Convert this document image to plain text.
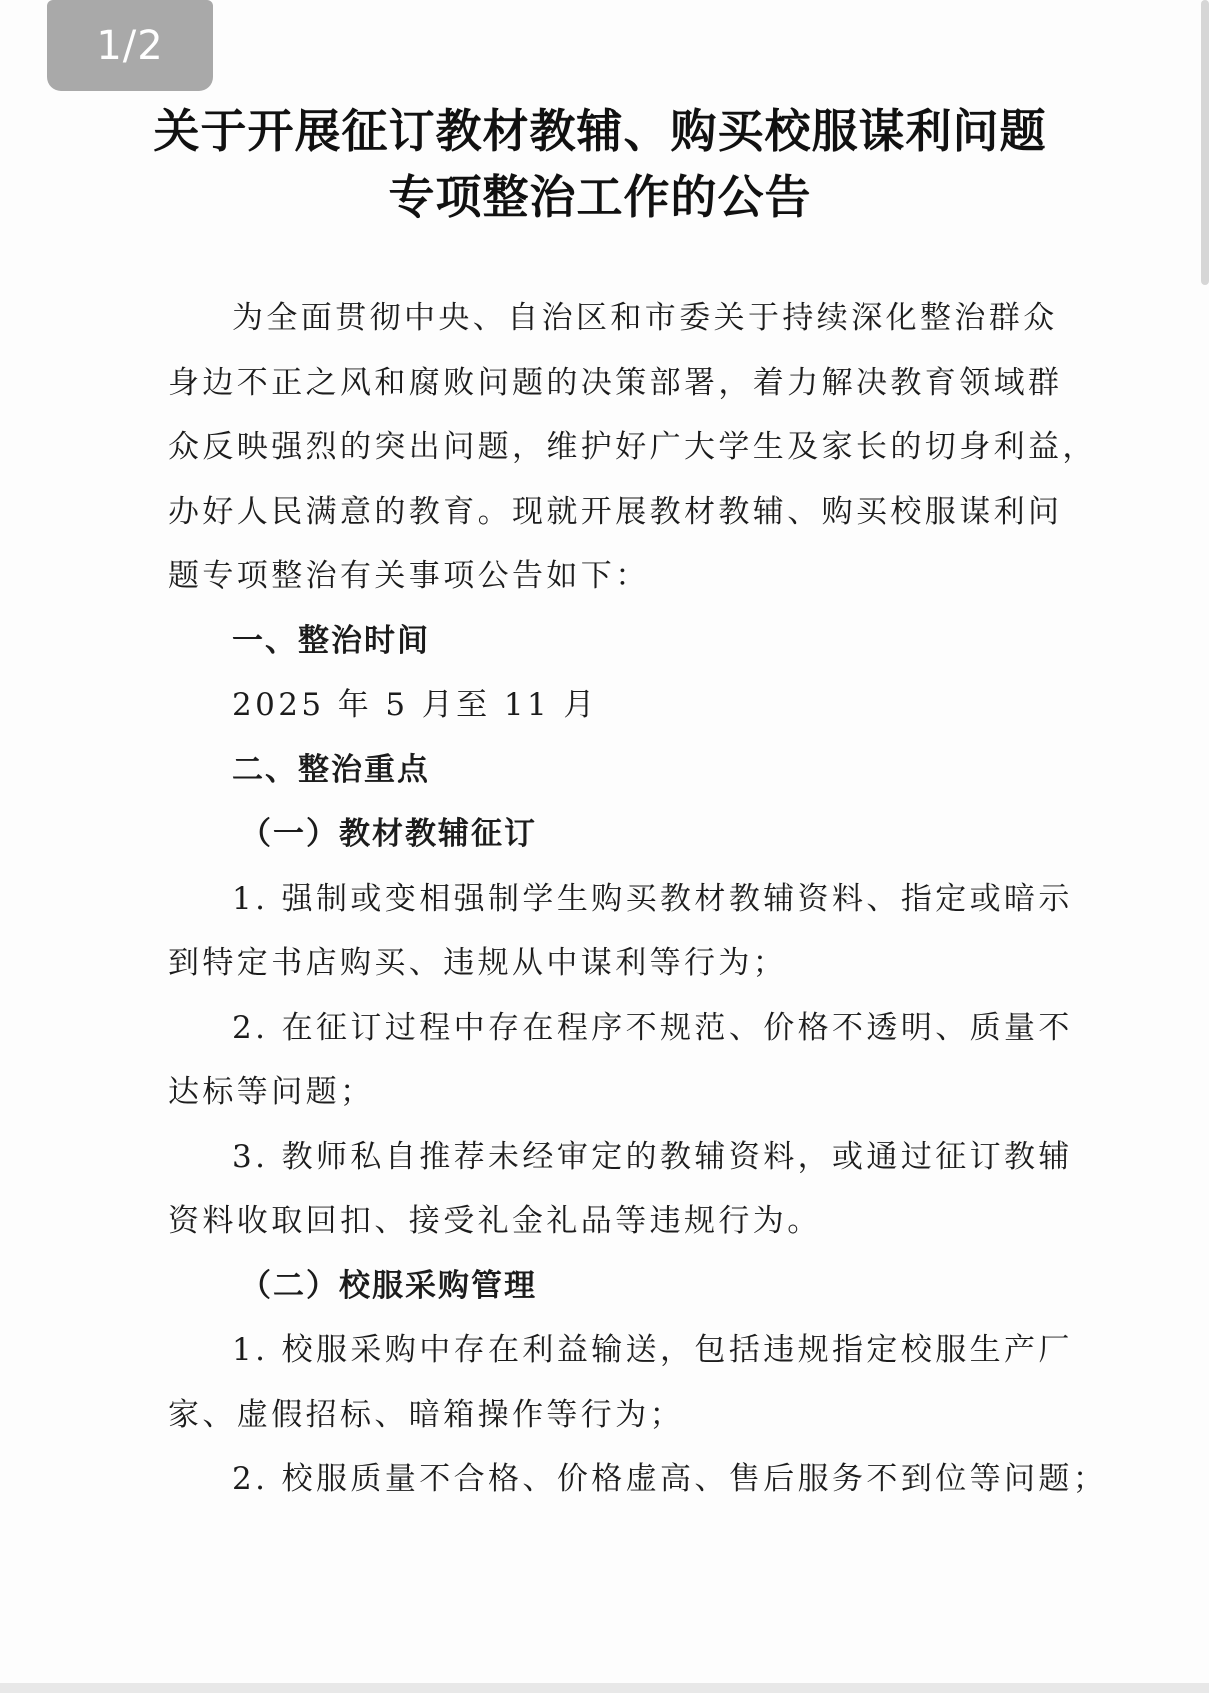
1/2
关于开展征订教材教辅、购买校服谋利问题
专项整治工作的公告
为全面贯彻中央、自治区和市委关于持续深化整治群众
身边不正之风和腐败问题的决策部署，着力解决教育领域群
众反映强烈的突出问题，维护好广大学生及家长的切身利益，
办好人民满意的教育。现就开展教材教辅、购买校服谋利问
题专项整治有关事项公告如下：
一、整治时间
2025 年 5 月至 11 月
二、整治重点
（一）教材教辅征订
1. 强制或变相强制学生购买教材教辅资料、指定或暗示
到特定书店购买、违规从中谋利等行为；
2. 在征订过程中存在程序不规范、价格不透明、质量不
达标等问题；
3. 教师私自推荐未经审定的教辅资料，或通过征订教辅
资料收取回扣、接受礼金礼品等违规行为。
（二）校服采购管理
1. 校服采购中存在利益输送，包括违规指定校服生产厂
家、虚假招标、暗箱操作等行为；
2. 校服质量不合格、价格虚高、售后服务不到位等问题；
